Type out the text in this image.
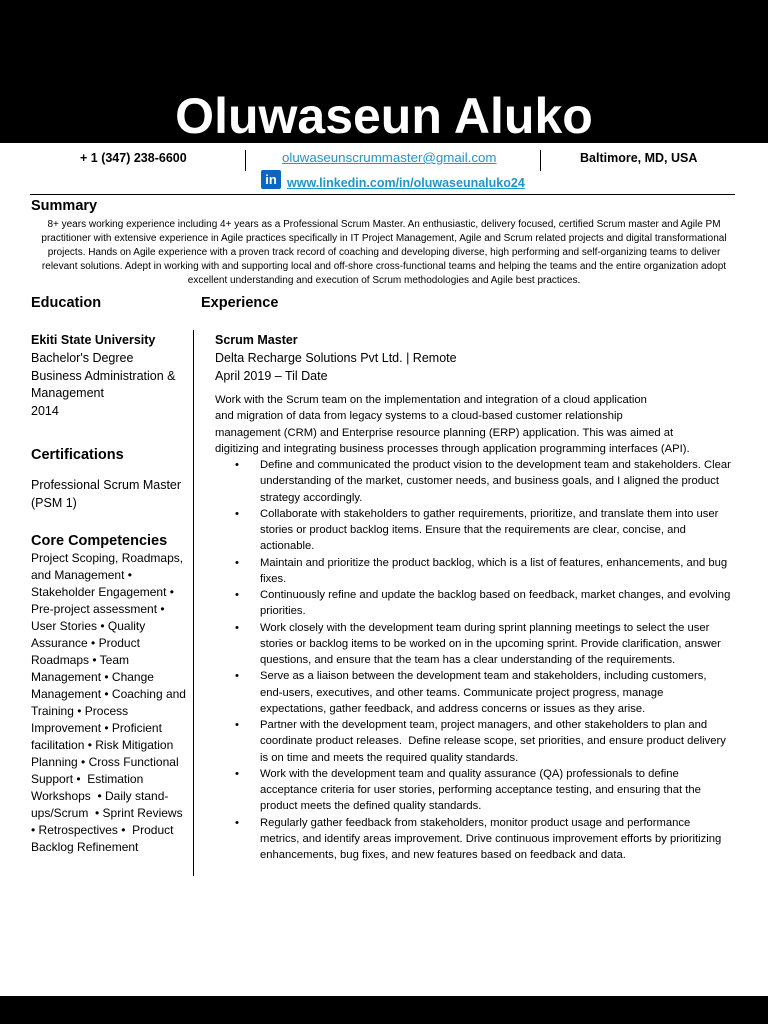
Oluwaseun Aluko
+ 1 (347) 238-6600	oluwaseunscrummaster@gmail.com	Baltimore, MD, USA
in www.linkedin.com/in/oluwaseunaluko24
Summary
8+ years working experience including 4+ years as a Professional Scrum Master. An enthusiastic, delivery focused, certified Scrum master and Agile PM
practitioner with extensive experience in Agile practices specifically in IT Project Management, Agile and Scrum related projects and digital transformational
projects. Hands on Agile experience with a proven track record of coaching and developing diverse, high performing and self-organizing teams to deliver
relevant solutions. Adept in working with and supporting local and off-shore cross-functional teams and helping the teams and the entire organization adopt
excellent understanding and execution of Scrum methodologies and Agile best practices.
Education	Experience
Ekiti State University
Bachelor's Degree
Business Administration &
Management
2014
Certifications
Professional Scrum Master
(PSM 1)
Core Competencies
Project Scoping, Roadmaps,
and Management •
Stakeholder Engagement •
Pre-project assessment •
User Stories • Quality
Assurance • Product
Roadmaps • Team
Management • Change
Management • Coaching and
Training • Process
Improvement • Proficient
facilitation • Risk Mitigation
Planning • Cross Functional
Support •  Estimation
Workshops  • Daily stand-
ups/Scrum  • Sprint Reviews
• Retrospectives •  Product
Backlog Refinement
Scrum Master
Delta Recharge Solutions Pvt Ltd. | Remote
April 2019 – Til Date
Work with the Scrum team on the implementation and integration of a cloud application
and migration of data from legacy systems to a cloud-based customer relationship
management (CRM) and Enterprise resource planning (ERP) application. This was aimed at
digitizing and integrating business processes through application programming interfaces (API).
• Define and communicated the product vision to the development team and stakeholders. Clear
understanding of the market, customer needs, and business goals, and I aligned the product
strategy accordingly.
• Collaborate with stakeholders to gather requirements, prioritize, and translate them into user
stories or product backlog items. Ensure that the requirements are clear, concise, and
actionable.
• Maintain and prioritize the product backlog, which is a list of features, enhancements, and bug
fixes.
• Continuously refine and update the backlog based on feedback, market changes, and evolving
priorities.
• Work closely with the development team during sprint planning meetings to select the user
stories or backlog items to be worked on in the upcoming sprint. Provide clarification, answer
questions, and ensure that the team has a clear understanding of the requirements.
• Serve as a liaison between the development team and stakeholders, including customers,
end-users, executives, and other teams. Communicate project progress, manage
expectations, gather feedback, and address concerns or issues as they arise.
• Partner with the development team, project managers, and other stakeholders to plan and
coordinate product releases.  Define release scope, set priorities, and ensure product delivery
is on time and meets the required quality standards.
• Work with the development team and quality assurance (QA) professionals to define
acceptance criteria for user stories, performing acceptance testing, and ensuring that the
product meets the defined quality standards.
• Regularly gather feedback from stakeholders, monitor product usage and performance
metrics, and identify areas improvement. Drive continuous improvement efforts by prioritizing
enhancements, bug fixes, and new features based on feedback and data.
